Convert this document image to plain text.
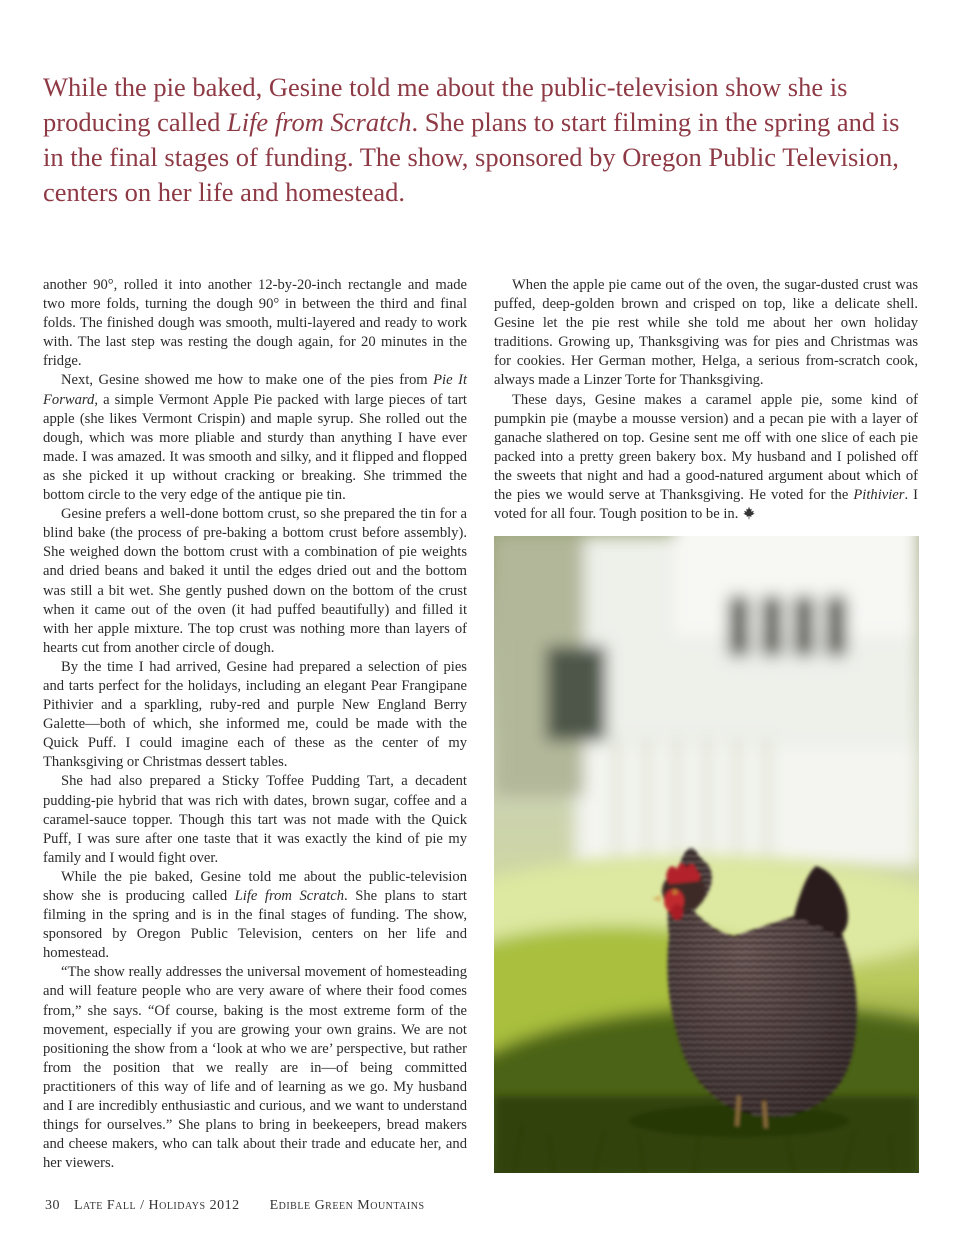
While the pie baked, Gesine told me about the public-television show she is producing called Life from Scratch. She plans to start filming in the spring and is in the final stages of funding. The show, sponsored by Oregon Public Television, centers on her life and homestead.

another 90°, rolled it into another 12-by-20-inch rectangle and made two more folds, turning the dough 90° in between the third and final folds. The finished dough was smooth, multi-layered and ready to work with. The last step was resting the dough again, for 20 minutes in the fridge.

Next, Gesine showed me how to make one of the pies from Pie It Forward, a simple Vermont Apple Pie packed with large pieces of tart apple (she likes Vermont Crispin) and maple syrup. She rolled out the dough, which was more pliable and sturdy than anything I have ever made. I was amazed. It was smooth and silky, and it flipped and flopped as she picked it up without cracking or breaking. She trimmed the bottom circle to the very edge of the antique pie tin.

Gesine prefers a well-done bottom crust, so she prepared the tin for a blind bake (the process of pre-baking a bottom crust before assembly). She weighed down the bottom crust with a combination of pie weights and dried beans and baked it until the edges dried out and the bottom was still a bit wet. She gently pushed down on the bottom of the crust when it came out of the oven (it had puffed beautifully) and filled it with her apple mixture. The top crust was nothing more than layers of hearts cut from another circle of dough.

By the time I had arrived, Gesine had prepared a selection of pies and tarts perfect for the holidays, including an elegant Pear Frangipane Pithivier and a sparkling, ruby-red and purple New England Berry Galette—both of which, she informed me, could be made with the Quick Puff. I could imagine each of these as the center of my Thanksgiving or Christmas dessert tables.

She had also prepared a Sticky Toffee Pudding Tart, a decadent pudding-pie hybrid that was rich with dates, brown sugar, coffee and a caramel-sauce topper. Though this tart was not made with the Quick Puff, I was sure after one taste that it was exactly the kind of pie my family and I would fight over.

While the pie baked, Gesine told me about the public-television show she is producing called Life from Scratch. She plans to start filming in the spring and is in the final stages of funding. The show, sponsored by Oregon Public Television, centers on her life and homestead.

“The show really addresses the universal movement of homesteading and will feature people who are very aware of where their food comes from,” she says. “Of course, baking is the most extreme form of the movement, especially if you are growing your own grains. We are not positioning the show from a ‘look at who we are’ perspective, but rather from the position that we really are in—of being committed practitioners of this way of life and of learning as we go. My husband and I are incredibly enthusiastic and curious, and we want to understand things for ourselves.” She plans to bring in beekeepers, bread makers and cheese makers, who can talk about their trade and educate her, and her viewers.

When the apple pie came out of the oven, the sugar-dusted crust was puffed, deep-golden brown and crisped on top, like a delicate shell. Gesine let the pie rest while she told me about her own holiday traditions. Growing up, Thanksgiving was for pies and Christmas was for cookies. Her German mother, Helga, a serious from-scratch cook, always made a Linzer Torte for Thanksgiving.

These days, Gesine makes a caramel apple pie, some kind of pumpkin pie (maybe a mousse version) and a pecan pie with a layer of ganache slathered on top. Gesine sent me off with one slice of each pie packed into a pretty green bakery box. My husband and I polished off the sweets that night and had a good-natured argument about which of the pies we would serve at Thanksgiving. He voted for the Pithivier. I voted for all four. Tough position to be in.

30 Late Fall / Holidays 2012 Edible Green Mountains
